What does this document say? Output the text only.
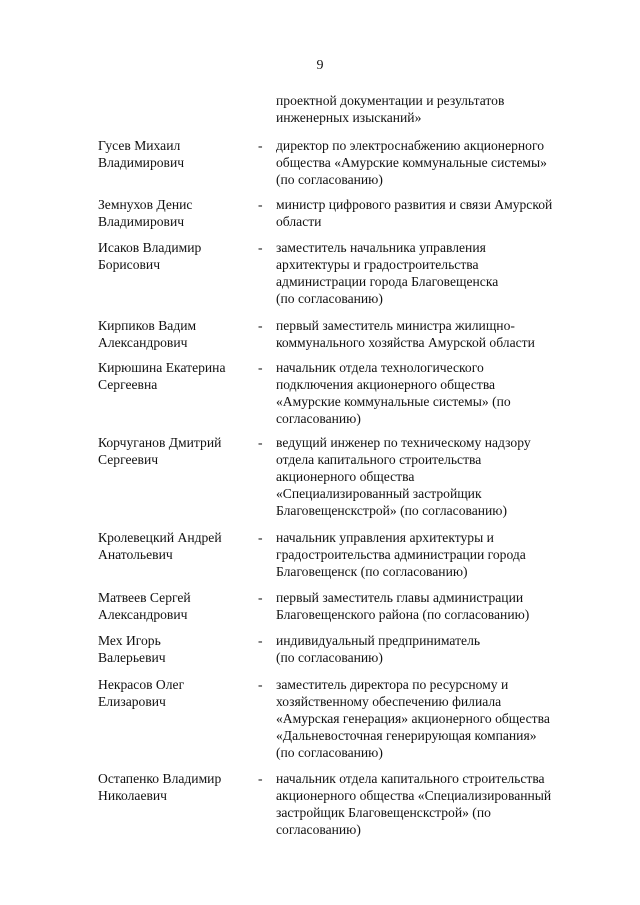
9
проектной документации и результатов
инженерных изысканий»
Гусев Михаил
Владимирович
- директор по электроснабжению акционерного
общества «Амурские коммунальные системы»
(по согласованию)
Земнухов Денис
Владимирович
- министр цифрового развития и связи Амурской
области
Исаков Владимир
Борисович
- заместитель начальника управления
архитектуры и градостроительства
администрации города Благовещенска
(по согласованию)
Кирпиков Вадим
Александрович
- первый заместитель министра жилищно-
коммунального хозяйства Амурской области
Кирюшина Екатерина
Сергеевна
- начальник отдела технологического
подключения акционерного общества
«Амурские коммунальные системы» (по
согласованию)
Корчуганов Дмитрий
Сергеевич
- ведущий инженер по техническому надзору
отдела капитального строительства
акционерного общества
«Специализированный застройщик
Благовещенскстрой» (по согласованию)
Кролевецкий Андрей
Анатольевич
- начальник управления архитектуры и
градостроительства администрации города
Благовещенск (по согласованию)
Матвеев Сергей
Александрович
- первый заместитель главы администрации
Благовещенского района (по согласованию)
Мех Игорь
Валерьевич
- индивидуальный предприниматель
(по согласованию)
Некрасов Олег
Елизарович
- заместитель директора по ресурсному и
хозяйственному обеспечению филиала
«Амурская генерация» акционерного общества
«Дальневосточная генерирующая компания»
(по согласованию)
Остапенко Владимир
Николаевич
- начальник отдела капитального строительства
акционерного общества «Специализированный
застройщик Благовещенскстрой» (по
согласованию)
